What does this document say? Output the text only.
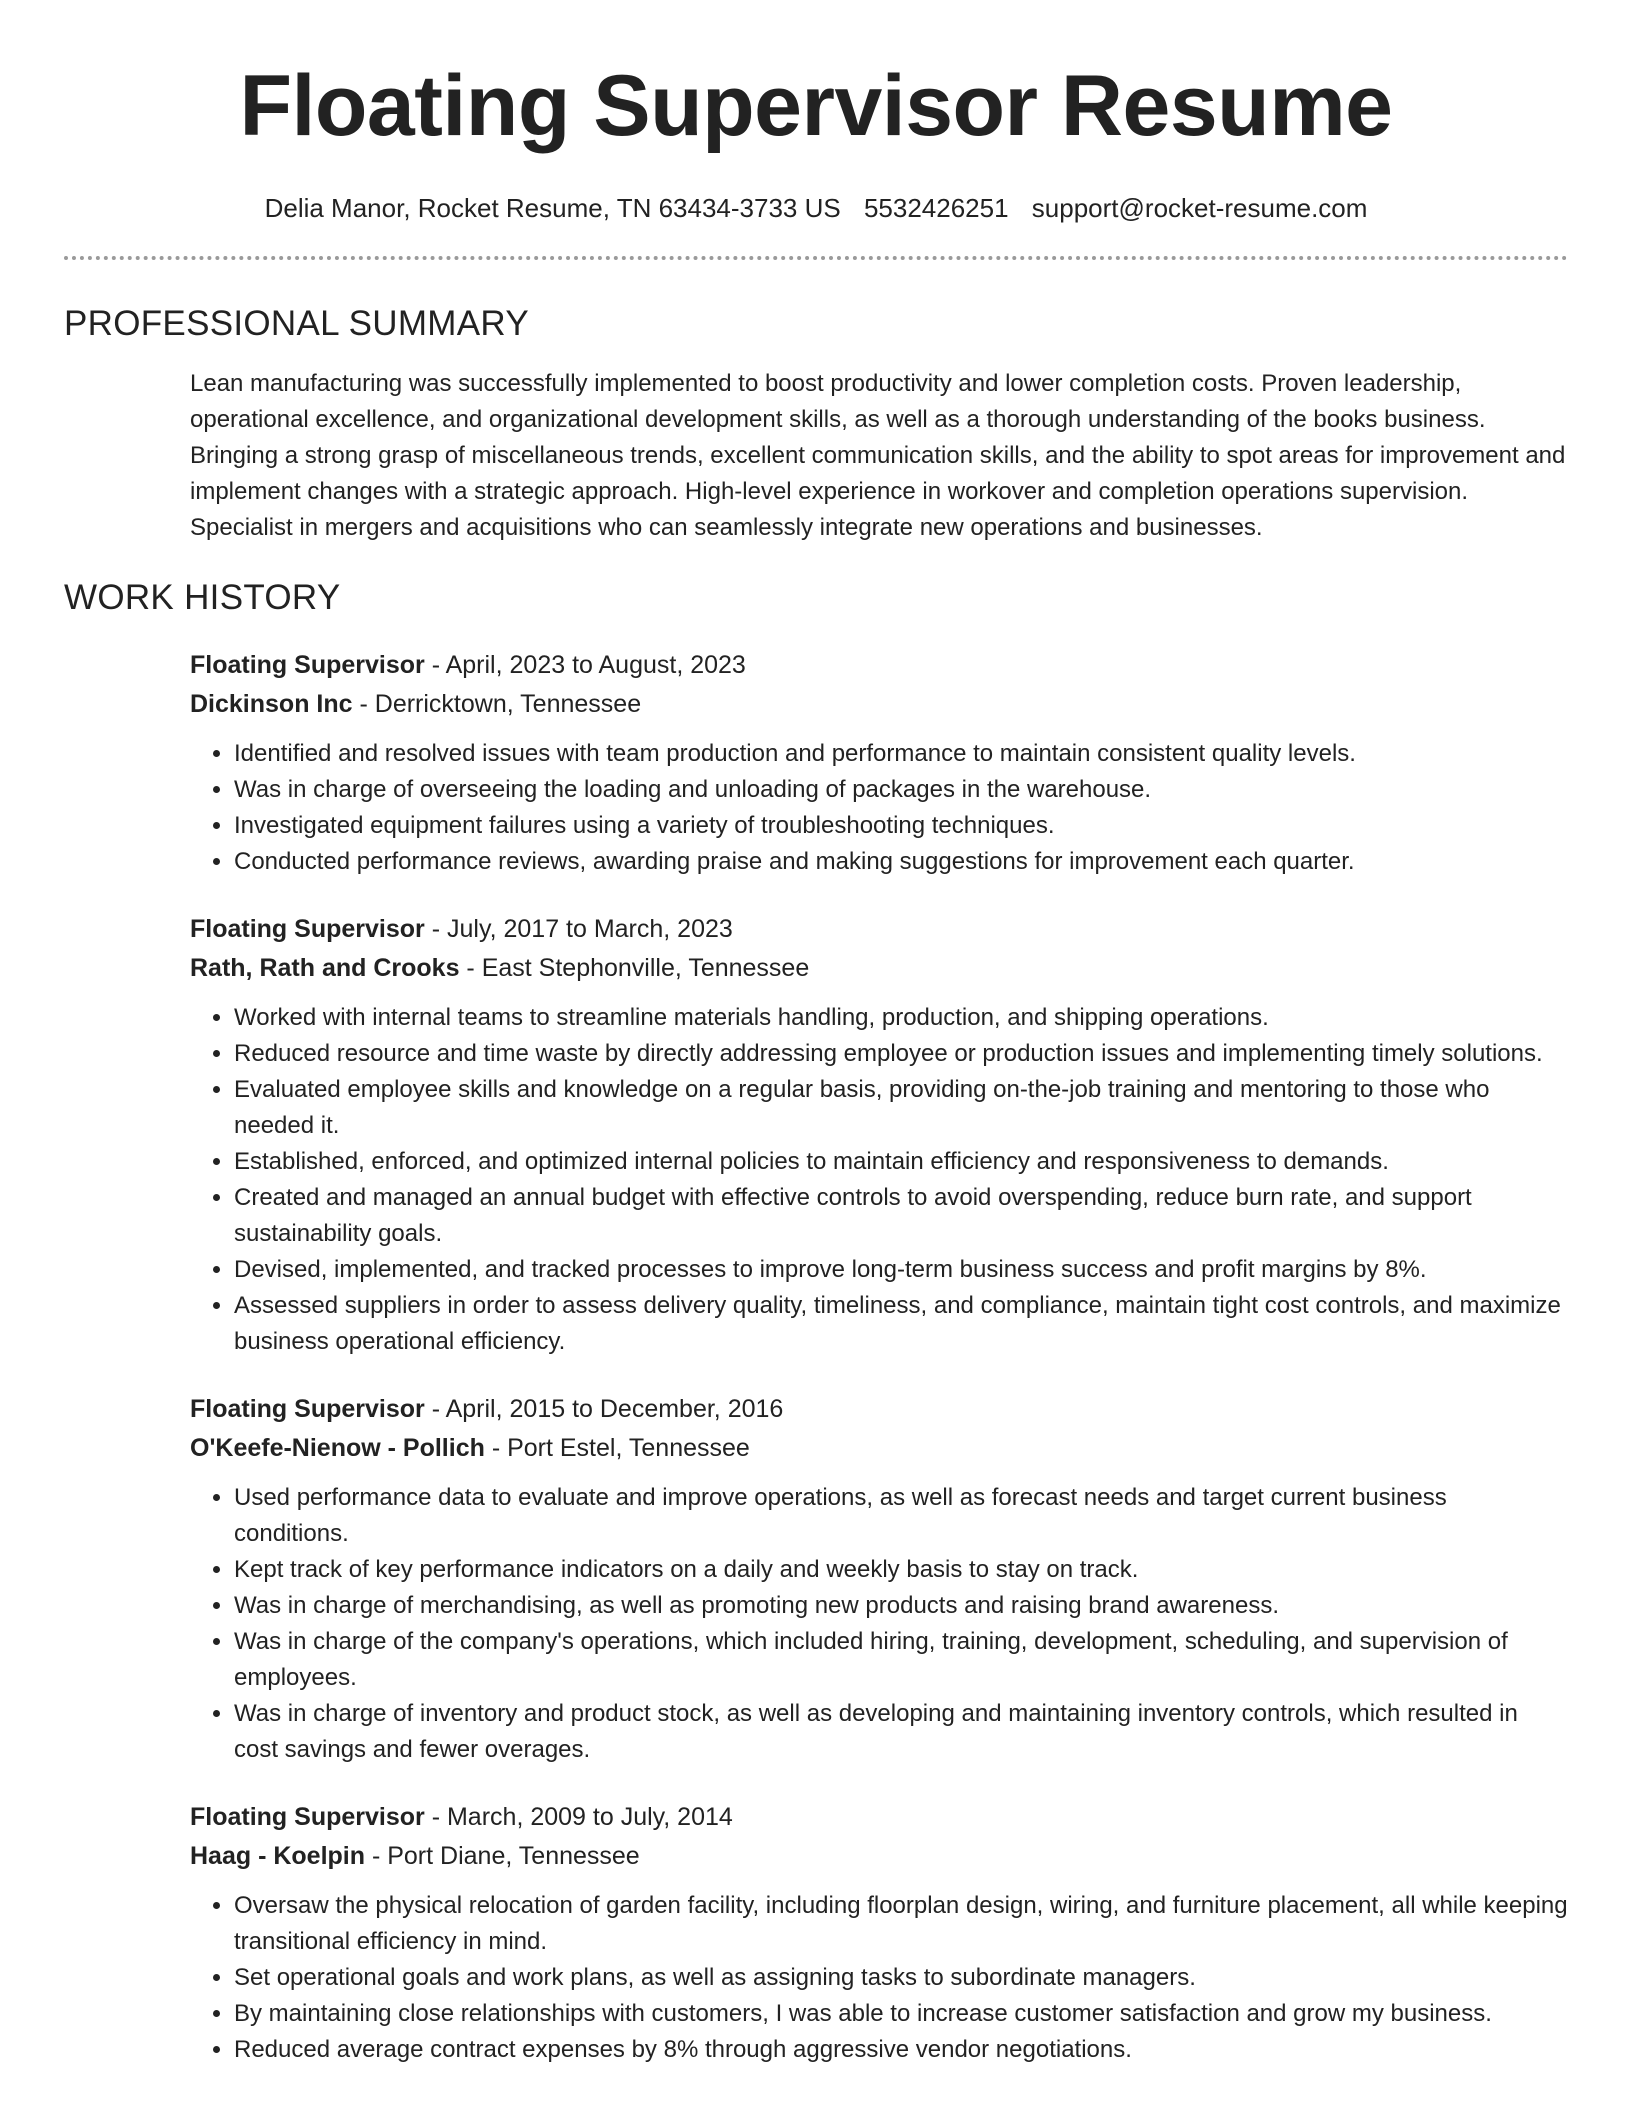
Floating Supervisor Resume
Delia Manor, Rocket Resume, TN 63434-3733 US 5532426251 support@rocket-resume.com
PROFESSIONAL SUMMARY

Lean manufacturing was successfully implemented to boost productivity and lower completion costs. Proven leadership, operational excellence, and organizational development skills, as well as a thorough understanding of the books business. Bringing a strong grasp of miscellaneous trends, excellent communication skills, and the ability to spot areas for improvement and implement changes with a strategic approach. High-level experience in workover and completion operations supervision. Specialist in mergers and acquisitions who can seamlessly integrate new operations and businesses.

WORK HISTORY
Floating Supervisor - April, 2023 to August, 2023
Dickinson Inc - Derricktown, Tennessee
• Identified and resolved issues with team production and performance to maintain consistent quality levels.
• Was in charge of overseeing the loading and unloading of packages in the warehouse.
• Investigated equipment failures using a variety of troubleshooting techniques.
• Conducted performance reviews, awarding praise and making suggestions for improvement each quarter.
Floating Supervisor - July, 2017 to March, 2023
Rath, Rath and Crooks - East Stephonville, Tennessee
• Worked with internal teams to streamline materials handling, production, and shipping operations.
• Reduced resource and time waste by directly addressing employee or production issues and implementing timely solutions.
• Evaluated employee skills and knowledge on a regular basis, providing on-the-job training and mentoring to those who needed it.
• Established, enforced, and optimized internal policies to maintain efficiency and responsiveness to demands.
• Created and managed an annual budget with effective controls to avoid overspending, reduce burn rate, and support sustainability goals.
• Devised, implemented, and tracked processes to improve long-term business success and profit margins by 8%.
• Assessed suppliers in order to assess delivery quality, timeliness, and compliance, maintain tight cost controls, and maximize business operational efficiency.
Floating Supervisor - April, 2015 to December, 2016
O'Keefe-Nienow - Pollich - Port Estel, Tennessee
• Used performance data to evaluate and improve operations, as well as forecast needs and target current business conditions.
• Kept track of key performance indicators on a daily and weekly basis to stay on track.
• Was in charge of merchandising, as well as promoting new products and raising brand awareness.
• Was in charge of the company's operations, which included hiring, training, development, scheduling, and supervision of employees.
• Was in charge of inventory and product stock, as well as developing and maintaining inventory controls, which resulted in cost savings and fewer overages.
Floating Supervisor - March, 2009 to July, 2014
Haag - Koelpin - Port Diane, Tennessee
• Oversaw the physical relocation of garden facility, including floorplan design, wiring, and furniture placement, all while keeping transitional efficiency in mind.
• Set operational goals and work plans, as well as assigning tasks to subordinate managers.
• By maintaining close relationships with customers, I was able to increase customer satisfaction and grow my business.
• Reduced average contract expenses by 8% through aggressive vendor negotiations.
